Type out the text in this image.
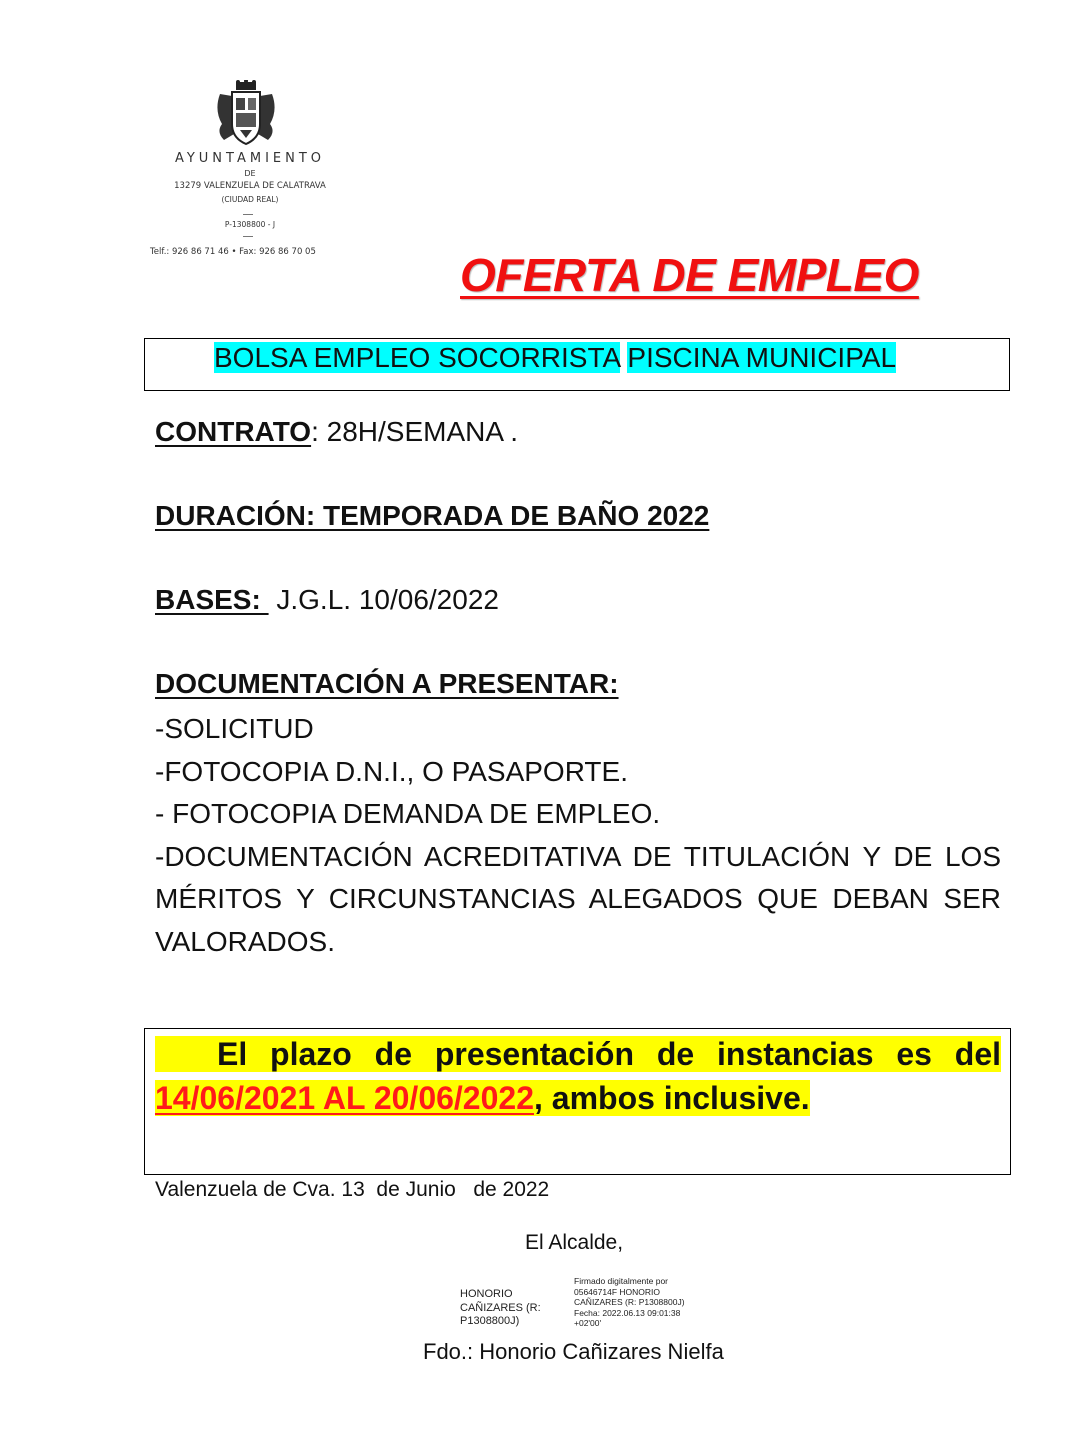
AYUNTAMIENTO
DE
13279 VALENZUELA DE CALATRAVA
(CIUDAD REAL)
P-1308800 - J
Telf.: 926 86 71 46 • Fax: 926 86 70 05	OFERTA DE EMPLEO
BOLSA EMPLEO SOCORRISTA PISCINA MUNICIPAL
CONTRATO: 28H/SEMANA .
DURACIÓN: TEMPORADA DE BAÑO 2022
BASES:  J.G.L. 10/06/2022
DOCUMENTACIÓN A PRESENTAR:
-SOLICITUD
-FOTOCOPIA D.N.I., O PASAPORTE.
- FOTOCOPIA DEMANDA DE EMPLEO.
-DOCUMENTACIÓN ACREDITATIVA DE TITULACIÓN Y DE LOS MÉRITOS Y CIRCUNSTANCIAS ALEGADOS QUE DEBAN SER VALORADOS.
El plazo de presentación de instancias es del
14/06/2021 AL 20/06/2022, ambos inclusive.
Valenzuela de Cva. 13  de Junio   de 2022
El Alcalde,
HONORIO CAÑIZARES (R: P1308800J)
Firmado digitalmente por 05646714F HONORIO CAÑIZARES (R: P1308800J) Fecha: 2022.06.13 09:01:38 +02'00'
Fdo.: Honorio Cañizares Nielfa
